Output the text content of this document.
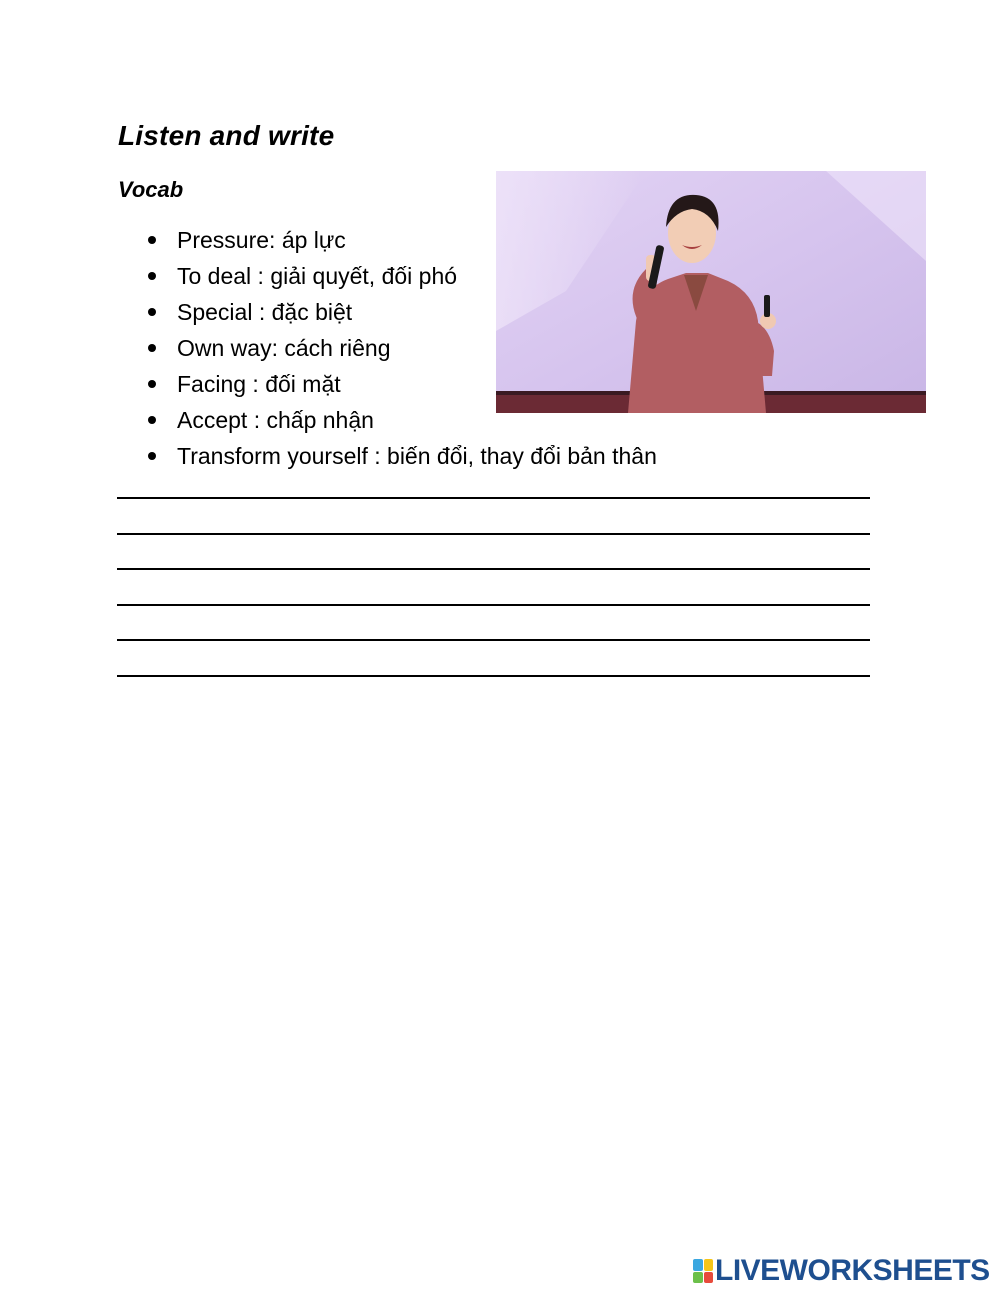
Listen and write
Vocab
Pressure: áp lực
To deal : giải quyết, đối phó
Special : đặc biệt
Own way: cách riêng
Facing : đối mặt
Accept : chấp nhận
Transform yourself : biến đổi, thay đổi bản thân
LIVEWORKSHEETS
